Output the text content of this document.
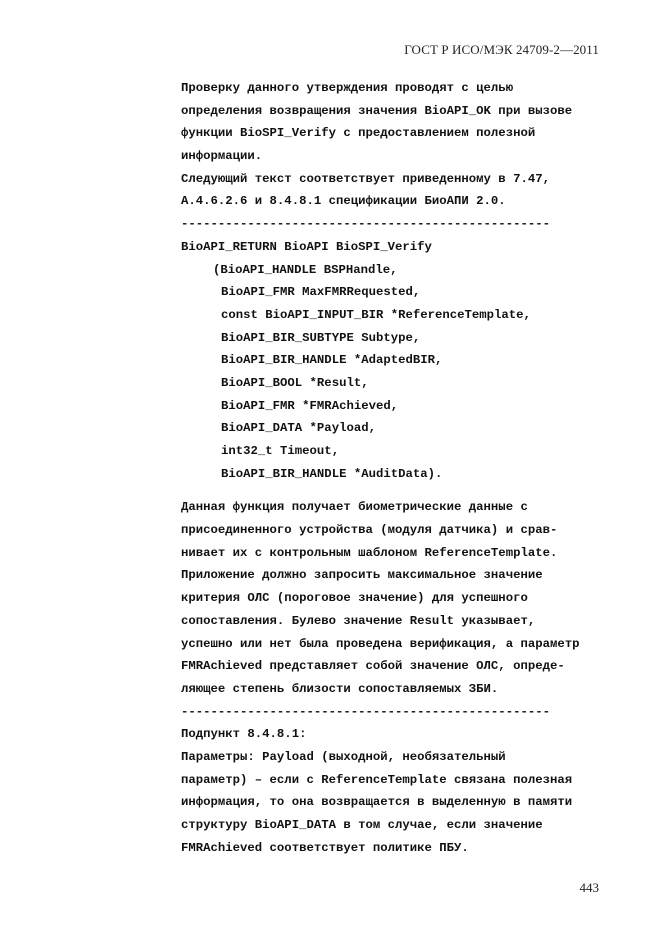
ГОСТ Р ИСО/МЭК 24709-2—2011
Проверку данного утверждения проводят с целью
определения возвращения значения BioAPI_OK при вызове
функции BioSPI_Verify с предоставлением полезной
информации.
Следующий текст соответствует приведенному в 7.47,
А.4.6.2.6 и 8.4.8.1 спецификации БиоАПИ 2.0.
--------------------------------------------------
BioAPI_RETURN BioAPI BioSPI_Verify
(BioAPI_HANDLE BSPHandle,
BioAPI_FMR MaxFMRRequested,
const BioAPI_INPUT_BIR *ReferenceTemplate,
BioAPI_BIR_SUBTYPE Subtype,
BioAPI_BIR_HANDLE *AdaptedBIR,
BioAPI_BOOL *Result,
BioAPI_FMR *FMRAchieved,
BioAPI_DATA *Payload,
int32_t Timeout,
BioAPI_BIR_HANDLE *AuditData).
Данная функция получает биометрические данные с
присоединенного устройства (модуля датчика) и срав-
нивает их с контрольным шаблоном ReferenceTemplate.
Приложение должно запросить максимальное значение
критерия ОЛС (пороговое значение) для успешного
сопоставления. Булево значение Result указывает,
успешно или нет была проведена верификация, а параметр
FMRAchieved представляет собой значение ОЛС, опреде-
ляющее степень близости сопоставляемых ЗБИ.
--------------------------------------------------
Подпункт 8.4.8.1:
Параметры: Payload (выходной, необязательный
параметр) – если с ReferenceTemplate связана полезная
информация, то она возвращается в выделенную в памяти
структуру BioAPI_DATA в том случае, если значение
FMRAchieved соответствует политике ПБУ.
443
